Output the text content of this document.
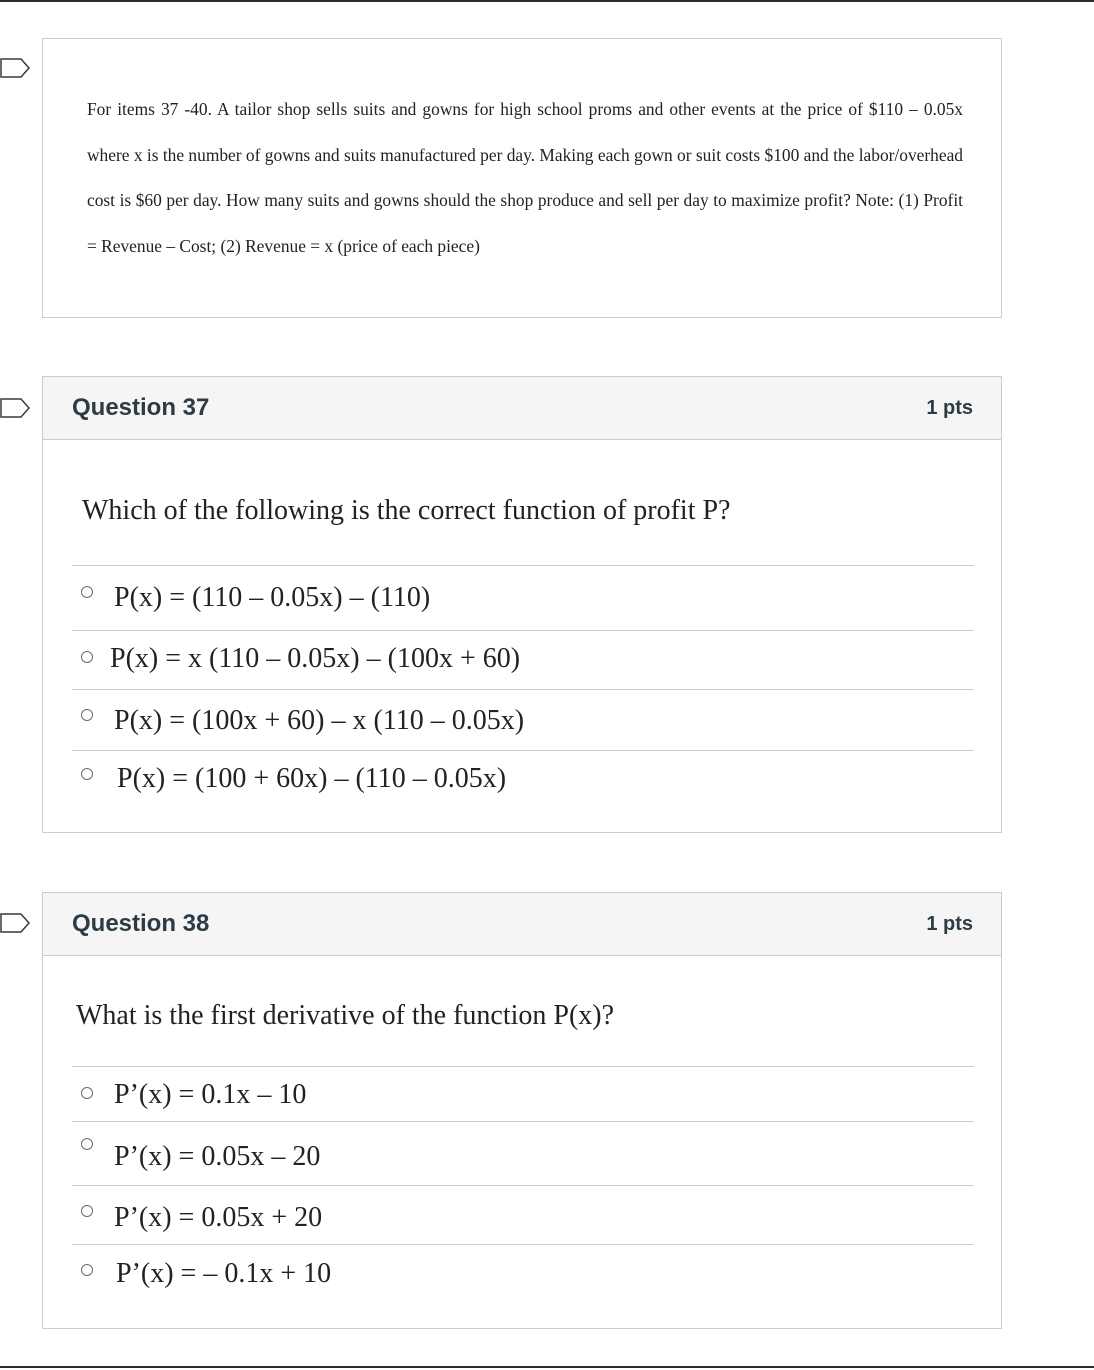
For items 37 -40. A tailor shop sells suits and gowns for high school proms and other events at the price of $110 – 0.05x where x is the number of gowns and suits manufactured per day. Making each gown or suit costs $100 and the labor/overhead cost is $60 per day. How many suits and gowns should the shop produce and sell per day to maximize profit? Note: (1) Profit = Revenue – Cost; (2) Revenue = x (price of each piece)
Question 37	1 pts
Which of the following is the correct function of profit P?
P(x) = (110 – 0.05x) – (110)
P(x) = x (110 – 0.05x) – (100x + 60)
P(x) = (100x + 60) – x (110 – 0.05x)
P(x) = (100 + 60x) – (110 – 0.05x)
Question 38	1 pts
What is the first derivative of the function P(x)?
P’(x) = 0.1x – 10
P’(x) = 0.05x – 20
P’(x) = 0.05x + 20
P’(x) = – 0.1x + 10
